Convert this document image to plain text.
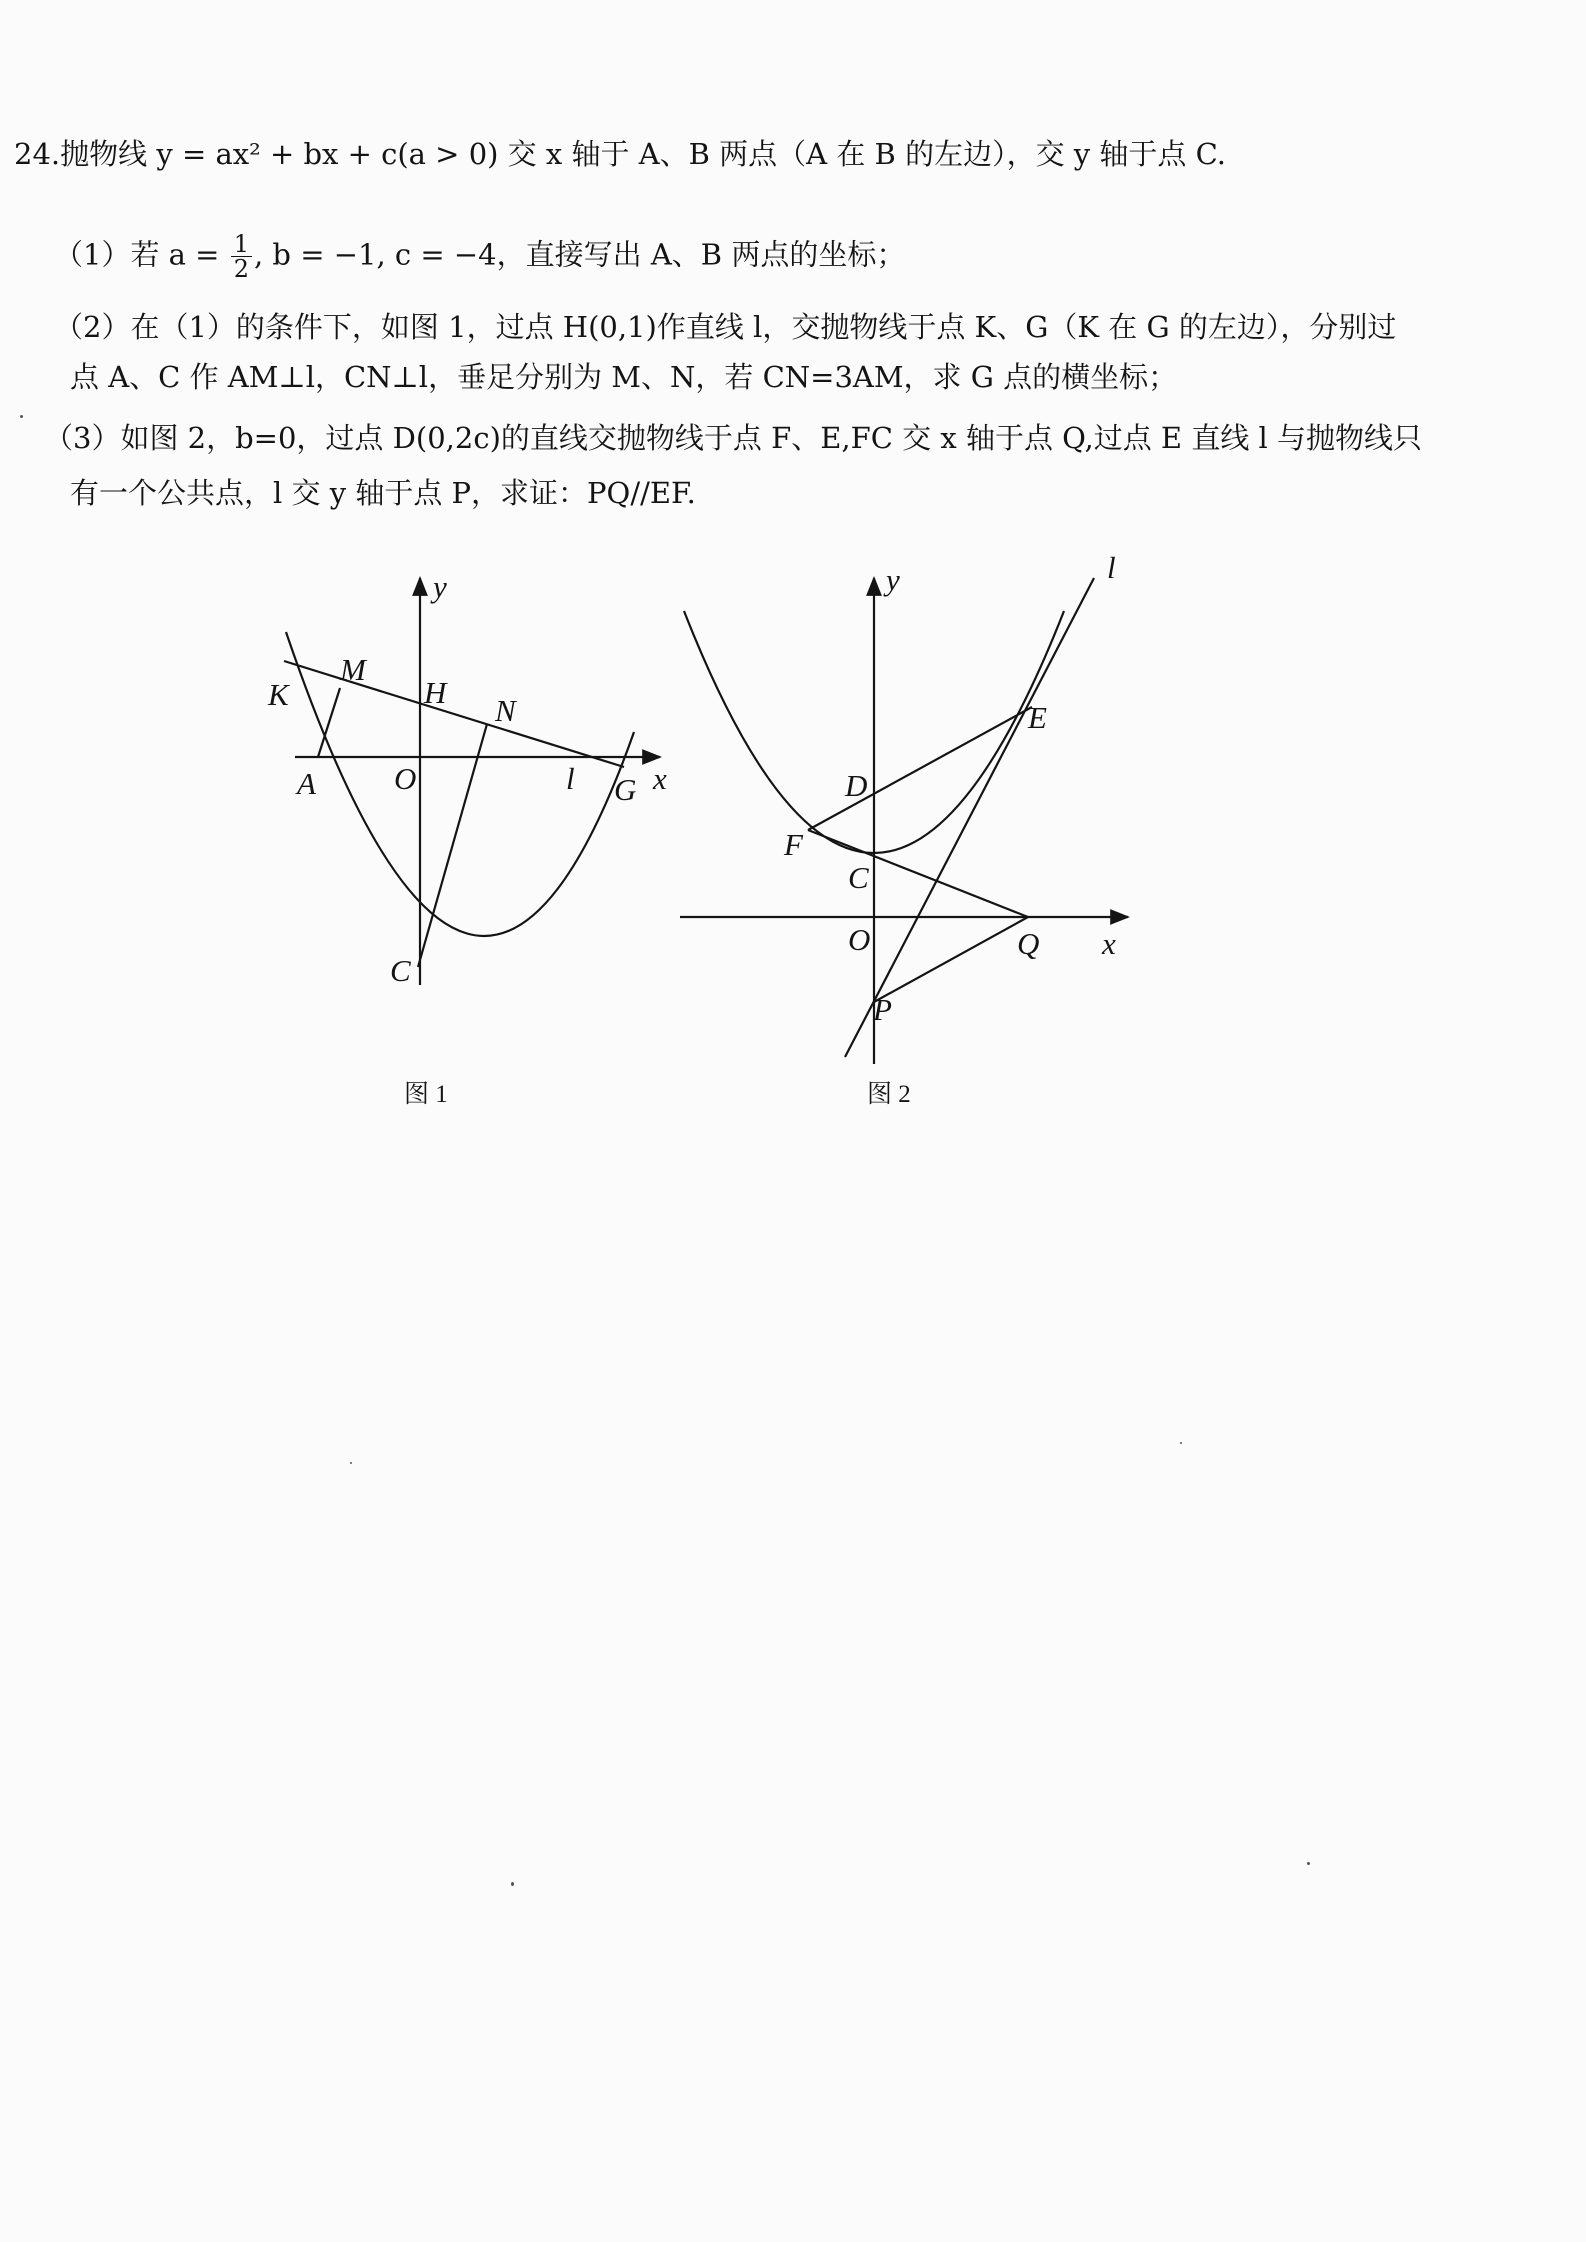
24.抛物线 y = ax² + bx + c(a > 0) 交 x 轴于 A、B 两点（A 在 B 的左边），交 y 轴于点 C.
（1）若 $a = \frac{1}{2}$ , b = −1, c = −4，直接写出 A、B 两点的坐标；
（2）在（1）的条件下，如图 1，过点 H(0,1)作直线 l，交抛物线于点 K、G（K 在 G 的左边），分别过
点 A、C 作 AM⊥l，CN⊥l，垂足分别为 M、N，若 CN=3AM，求 G 点的横坐标；
（3）如图 2，b=0，过点 D(0,2c)的直线交抛物线于点 F、E,FC 交 x 轴于点 Q,过点 E 直线 l 与抛物线只
有一个公共点，l 交 y 轴于点 P，求证：PQ//EF.
y
M
K	H
N
A	O	l G x
C
图 1
y	l
E
D
F
C
O	Q x
P
图 2
